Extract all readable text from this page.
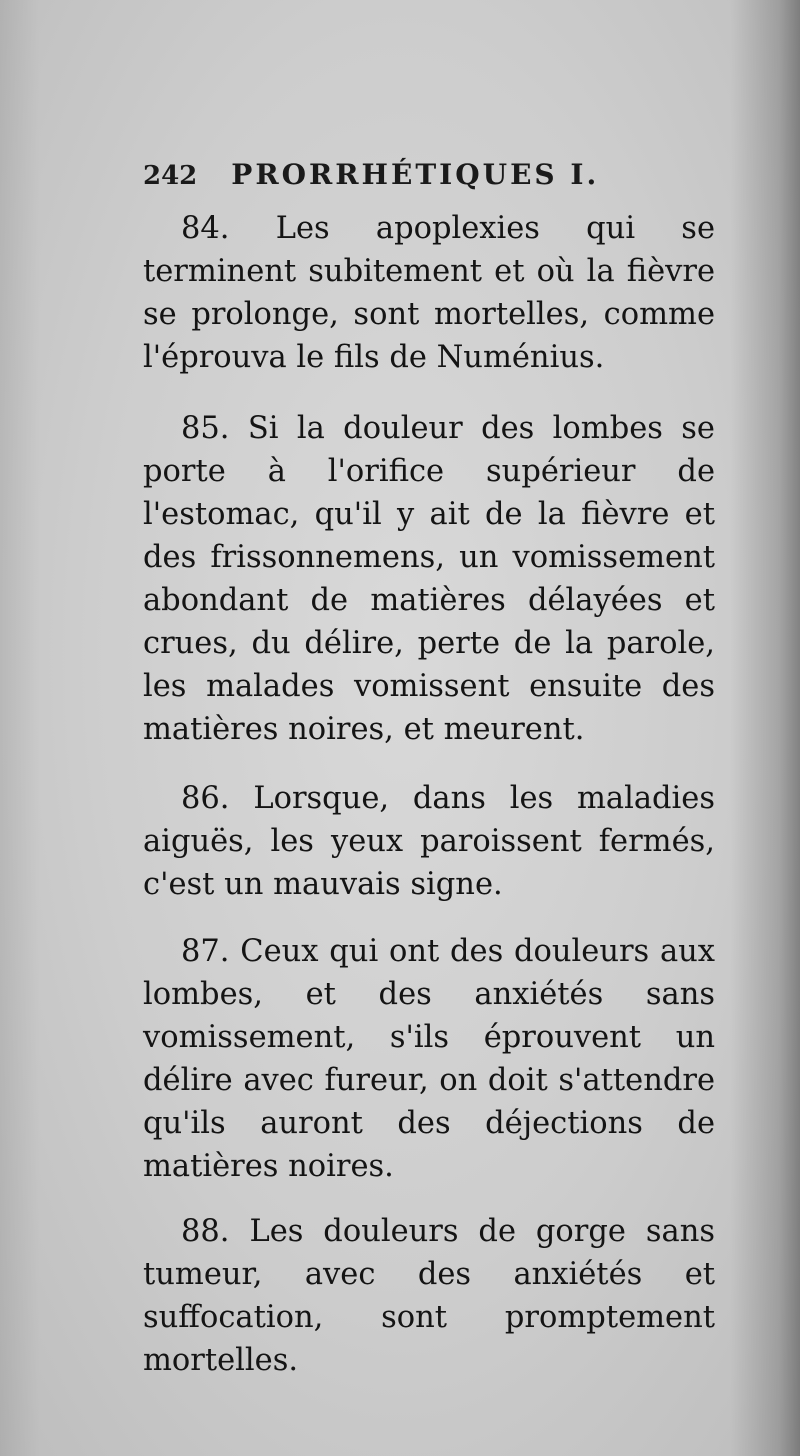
242 PRORRHÉTIQUES I.

84. Les apoplexies qui se terminent subitement et où la fièvre se prolonge, sont mortelles, comme l'éprouva le fils de Numénius.

85. Si la douleur des lombes se porte à l'orifice supérieur de l'estomac, qu'il y ait de la fièvre et des frissonnemens, un vomissement abondant de matières délayées et crues, du délire, perte de la parole, les malades vomissent ensuite des matières noires, et meurent.

86. Lorsque, dans les maladies aiguës, les yeux paroissent fermés, c'est un mauvais signe.

87. Ceux qui ont des douleurs aux lombes, et des anxiétés sans vomissement, s'ils éprouvent un délire avec fureur, on doit s'attendre qu'ils auront des déjections de matières noires.

88. Les douleurs de gorge sans tumeur, avec des anxiétés et suffocation, sont promptement mortelles.
